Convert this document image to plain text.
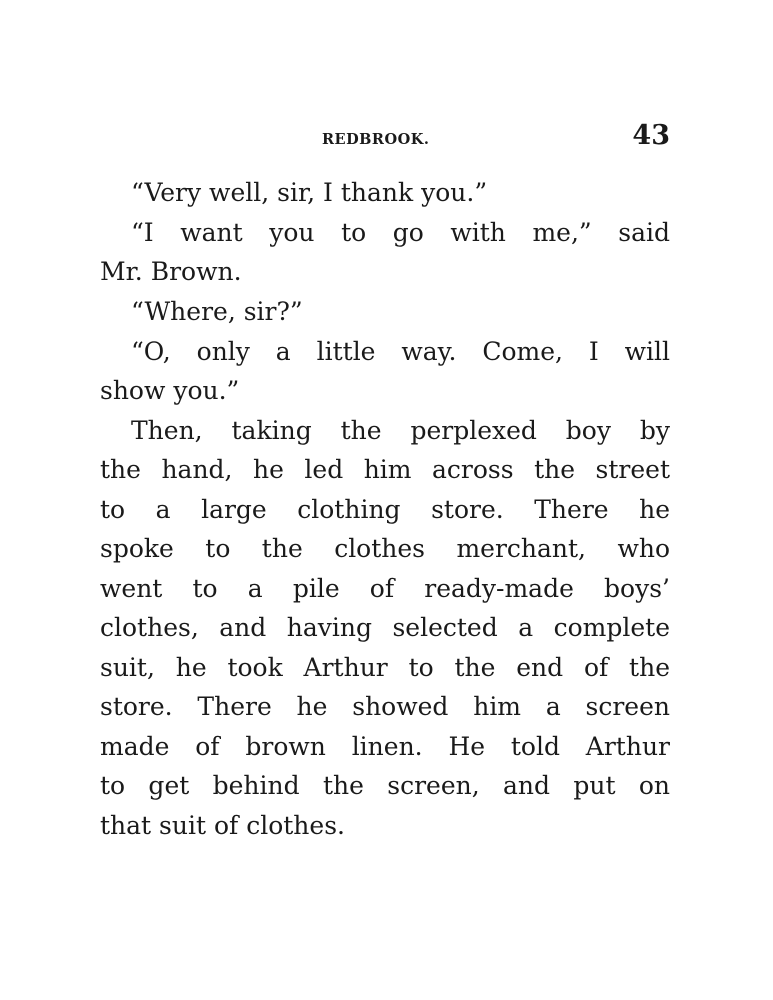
REDBROOK.	43
“Very well, sir, I thank you.”
“I want you to go with me,” said
Mr. Brown.
“Where, sir?”
“O, only a little way. Come, I will
show you.”
Then, taking the perplexed boy by
the hand, he led him across the street
to a large clothing store. There he
spoke to the clothes merchant, who
went to a pile of ready-made boys’
clothes, and having selected a complete
suit, he took Arthur to the end of the
store. There he showed him a screen
made of brown linen. He told Arthur
to get behind the screen, and put on
that suit of clothes.
